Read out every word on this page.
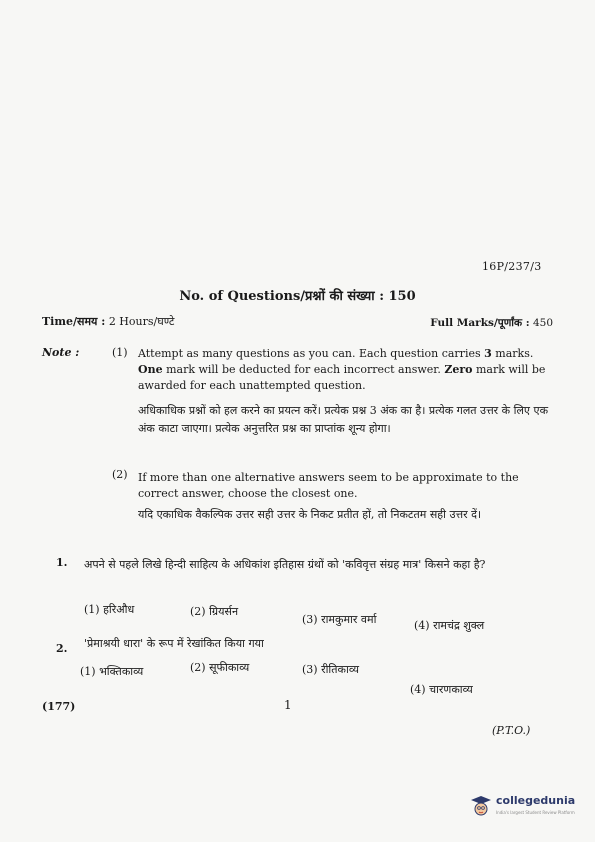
16P/237/3
No. of Questions/प्रश्नों की संख्या : 150
Time/समय : 2 Hours/घण्टे	Full Marks/पूर्णांक : 450
Note :	(1) Attempt as many questions as you can. Each question carries 3 marks. One mark will be deducted for each incorrect answer. Zero mark will be awarded for each unattempted question.
अधिकाधिक प्रश्नों को हल करने का प्रयत्न करें। प्रत्येक प्रश्न 3 अंक का है। प्रत्येक गलत उत्तर के लिए एक अंक काटा जाएगा। प्रत्येक अनुत्तरित प्रश्न का प्राप्तांक शून्य होगा।
(2) If more than one alternative answers seem to be approximate to the correct answer, choose the closest one.
यदि एकाधिक वैकल्पिक उत्तर सही उत्तर के निकट प्रतीत हों, तो निकटतम सही उत्तर दें।
1. अपने से पहले लिखे हिन्दी साहित्य के अधिकांश इतिहास ग्रंथों को 'कविवृत्त संग्रह मात्र' किसने कहा है?
(1) हरिऔध	(2) ग्रियर्सन
(3) रामकुमार वर्मा	(4) रामचंद्र शुक्ल
2. 'प्रेमाश्रयी धारा' के रूप में रेखांकित किया गया
(1) भक्तिकाव्य	(2) सूफीकाव्य	(3) रीतिकाव्य
(4) चारणकाव्य
(177)	1
(P.T.O.)
collegedunia
India's largest Student Review Platform
